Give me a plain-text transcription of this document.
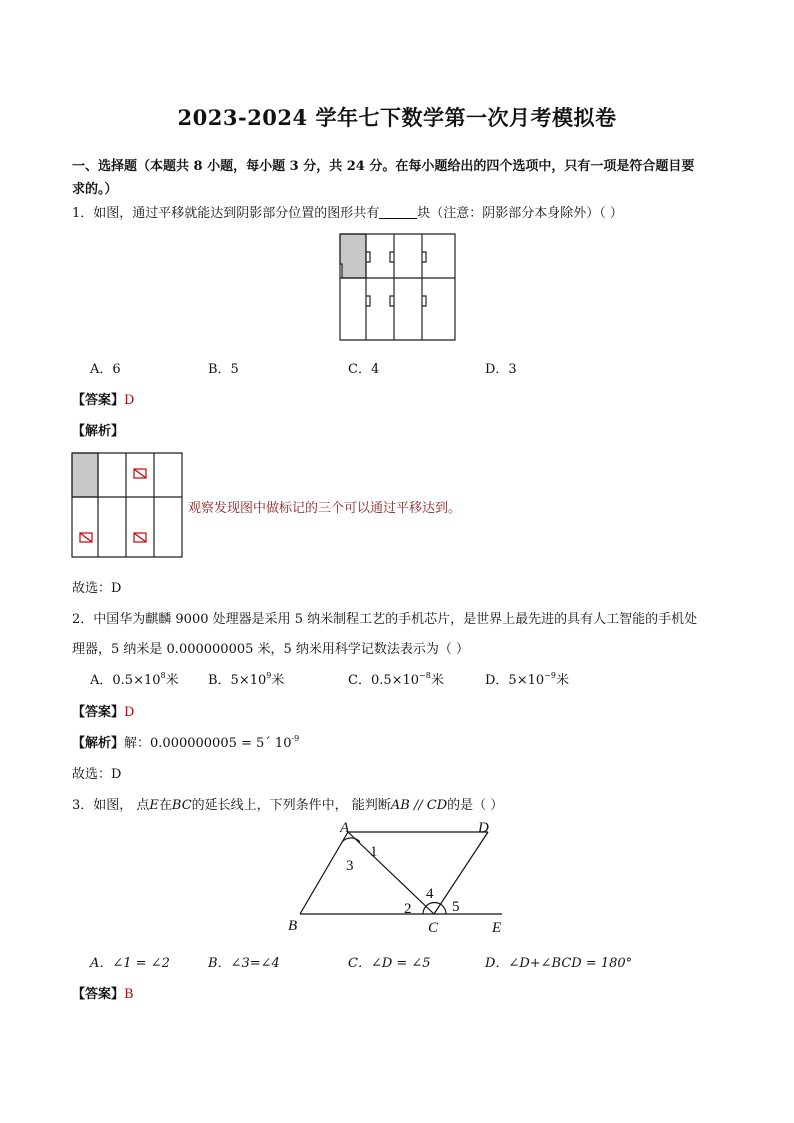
2023-2024 学年七下数学第一次月考模拟卷
一、选择题（本题共 8 小题，每小题 3 分，共 24 分。在每小题给出的四个选项中，只有一项是符合题目要
求的。）
1．如图，通过平移就能达到阴影部分位置的图形共有	块（注意：阴影部分本身除外）（ ）
A．6	B．5	C．4	D．3
【答案】D
【解析】
观察发现图中做标记的三个可以通过平移达到。
故选：D
2．中国华为麒麟 9000 处理器是采用 5 纳米制程工艺的手机芯片，是世界上最先进的具有人工智能的手机处
理器，5 纳米是 0.000000005 米，5 纳米用科学记数法表示为（ ）
A．$0.5\times 10^8$米 B．$5\times 10^9$米	C．$0.5\times 10^{-8}$米	D．$5\times 10^{-9}$米
【答案】D
【解析】解：0.000000005 = 5´ $10^{-9}$
故选：D
3．如图， 点E在BC的延长线上，下列条件中， 能判断AB // CD的是（ ）
A	D
B	C	E
1
2
3
4
5
A．∠1 = ∠2	B．∠3=∠4	C．∠D = ∠5	D．∠D+∠BCD = 180°
【答案】B
